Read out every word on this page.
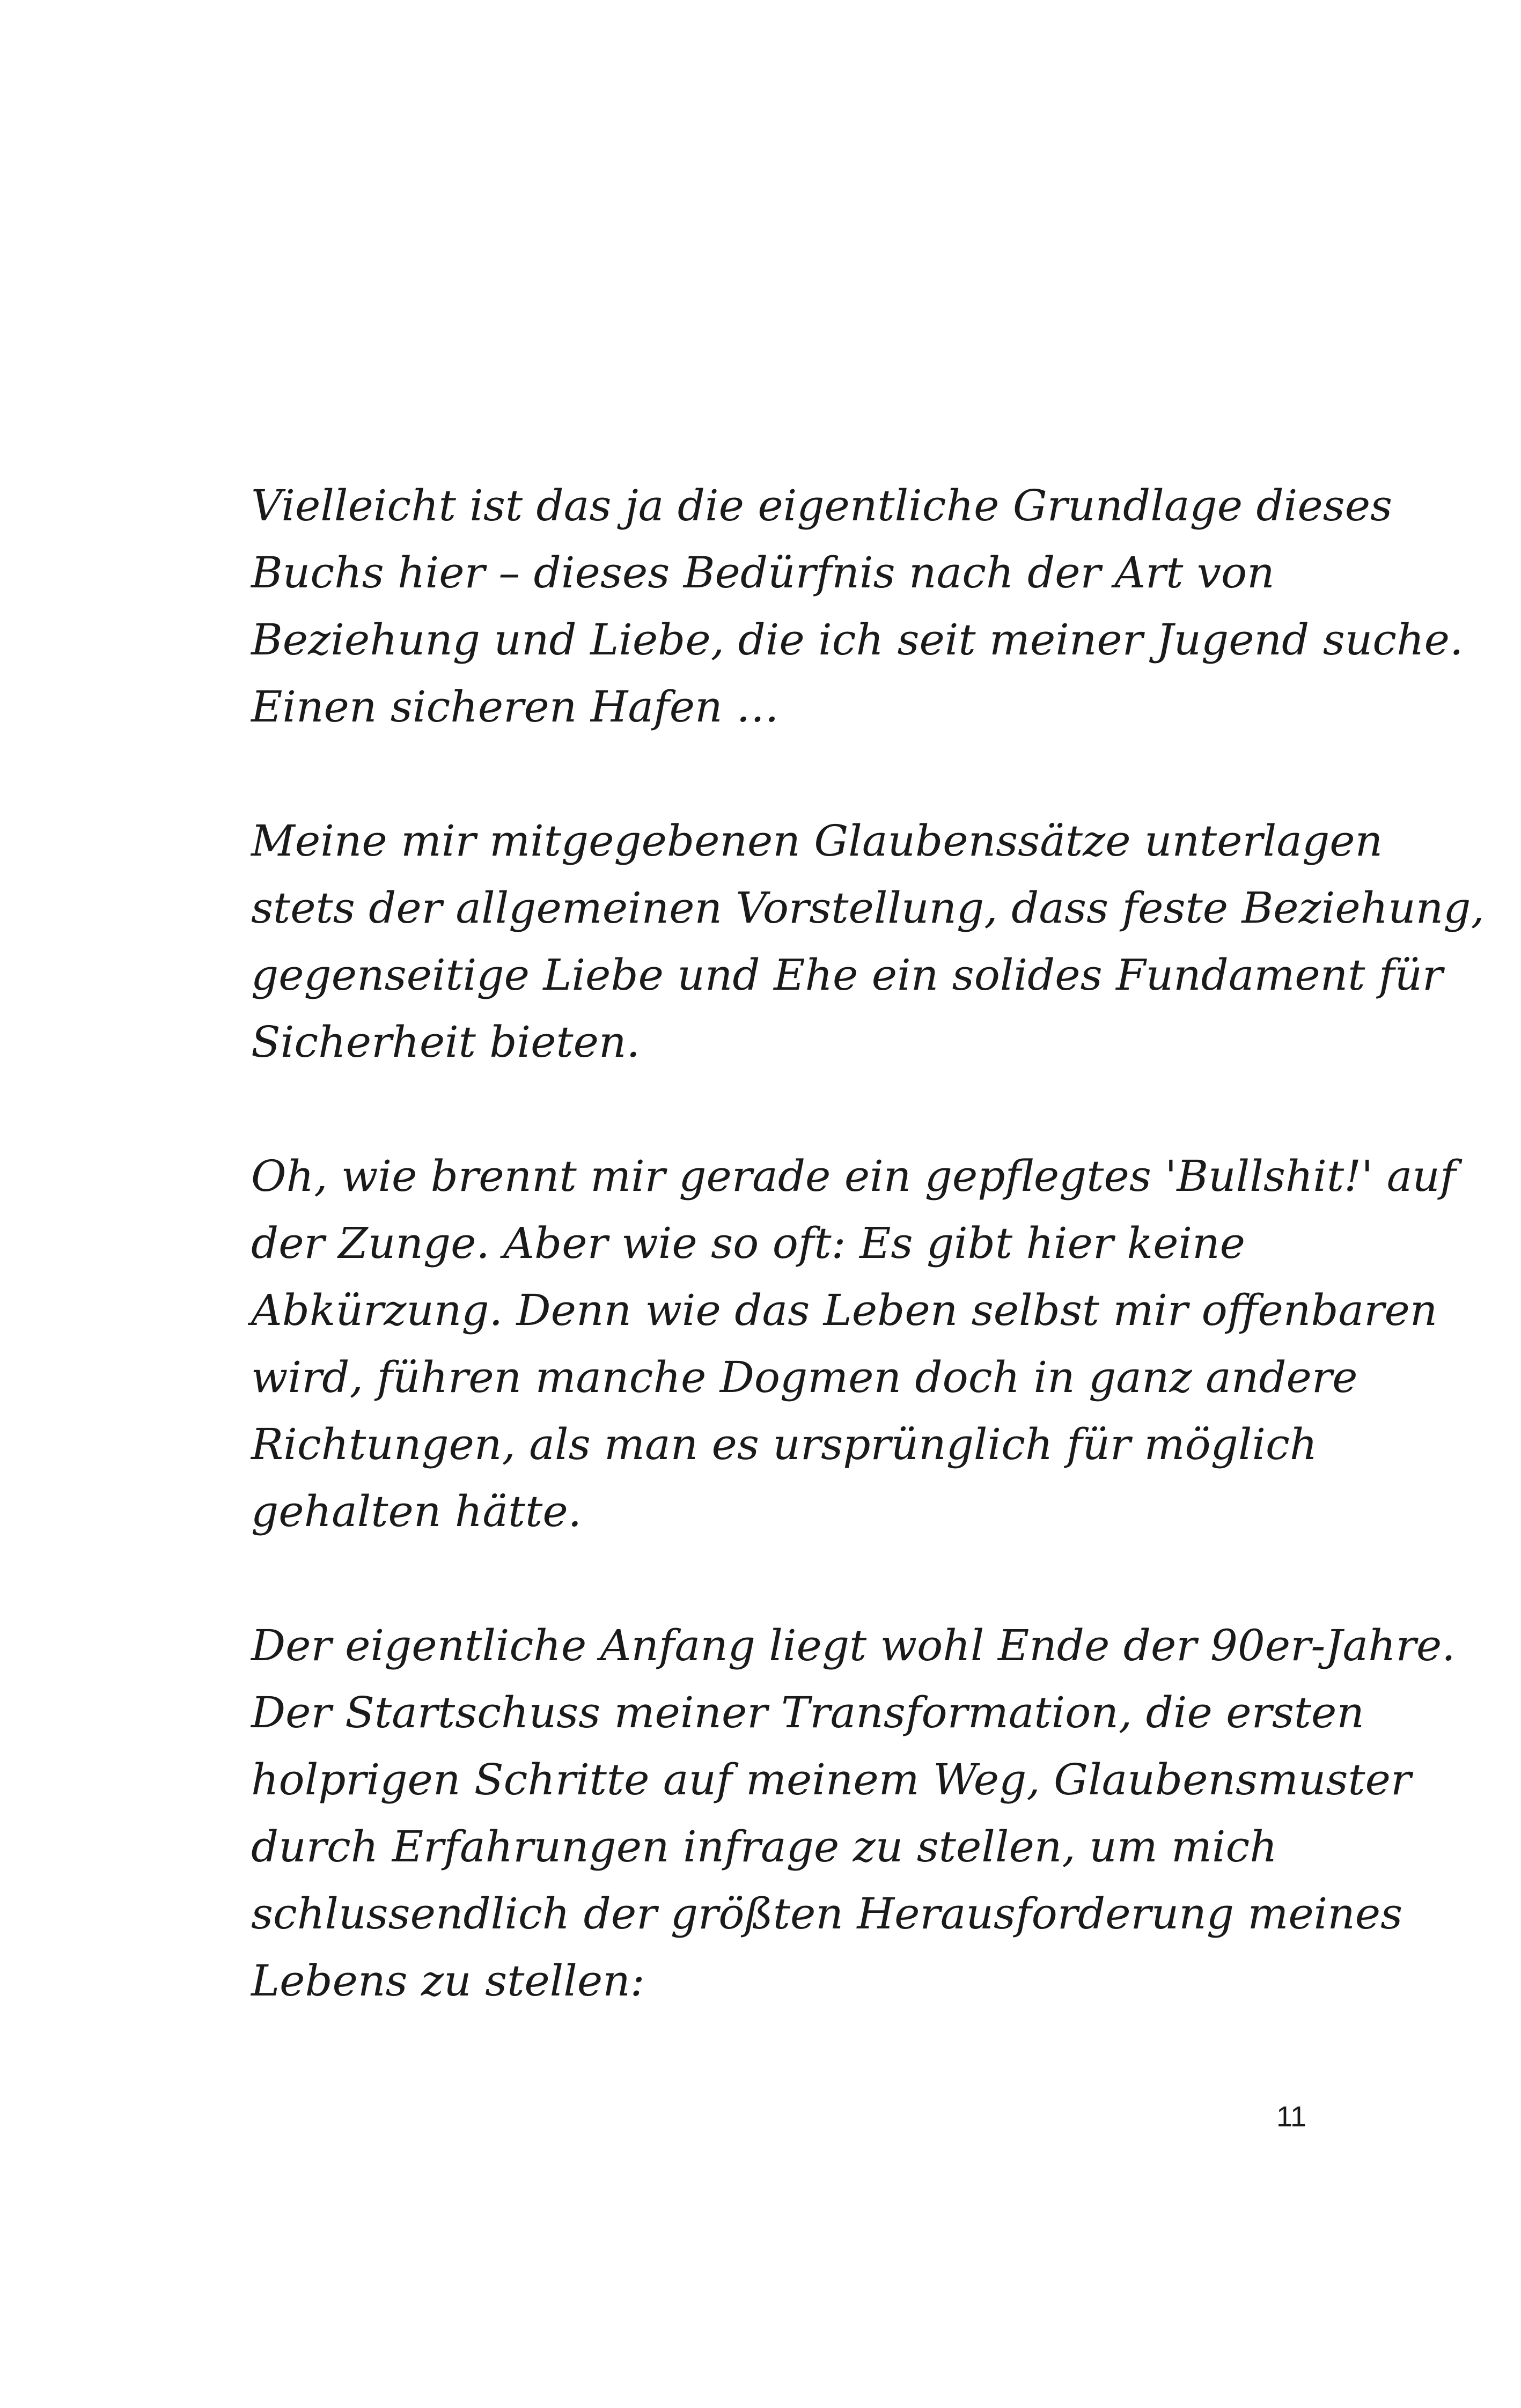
Vielleicht ist das ja die eigentliche Grundlage dieses
Buchs hier – dieses Bedürfnis nach der Art von
Beziehung und Liebe, die ich seit meiner Jugend suche.
Einen sicheren Hafen …

Meine mir mitgegebenen Glaubenssätze unterlagen
stets der allgemeinen Vorstellung, dass feste Beziehung,
gegenseitige Liebe und Ehe ein solides Fundament für
Sicherheit bieten.

Oh, wie brennt mir gerade ein gepflegtes 'Bullshit!' auf
der Zunge. Aber wie so oft: Es gibt hier keine
Abkürzung. Denn wie das Leben selbst mir offenbaren
wird, führen manche Dogmen doch in ganz andere
Richtungen, als man es ursprünglich für möglich
gehalten hätte.

Der eigentliche Anfang liegt wohl Ende der 90er-Jahre.
Der Startschuss meiner Transformation, die ersten
holprigen Schritte auf meinem Weg, Glaubensmuster
durch Erfahrungen infrage zu stellen, um mich
schlussendlich der größten Herausforderung meines
Lebens zu stellen:

11
